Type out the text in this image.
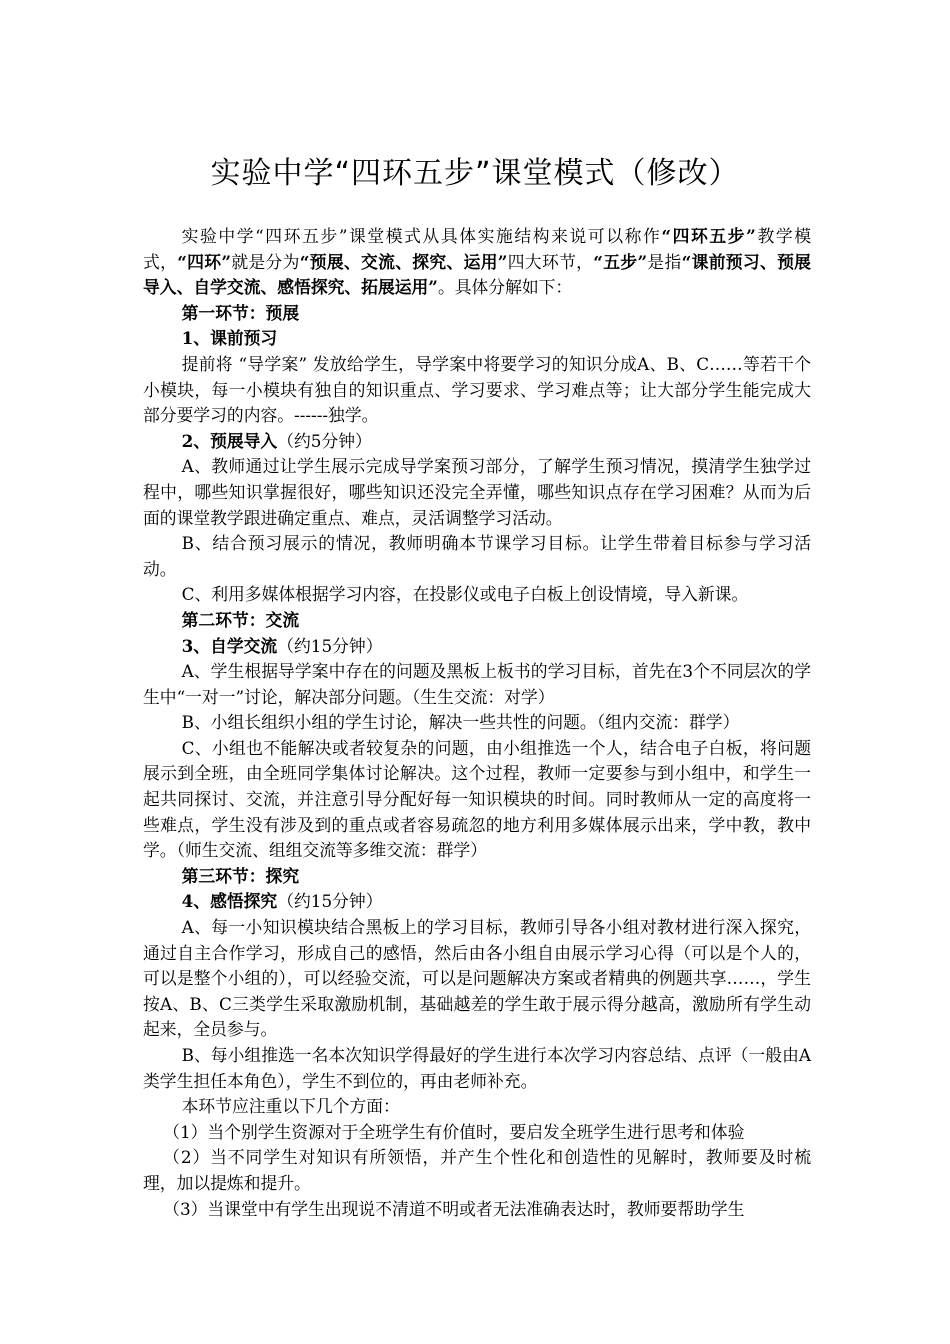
实验中学“四环五步”课堂模式（修改）

实验中学“四环五步”课堂模式从具体实施结构来说可以称作“四环五步”教学模式，“四环”就是分为“预展、交流、探究、运用”四大环节，“五步”是指“课前预习、预展导入、自学交流、感悟探究、拓展运用”。具体分解如下：

第一环节：预展

1、课前预习

提前将 “导学案” 发放给学生，导学案中将要学习的知识分成A、B、C……等若干个小模块，每一小模块有独自的知识重点、学习要求、学习难点等；让大部分学生能完成大部分要学习的内容。------独学。

2、预展导入（约5分钟）

A、教师通过让学生展示完成导学案预习部分，了解学生预习情况，摸清学生独学过程中，哪些知识掌握很好，哪些知识还没完全弄懂，哪些知识点存在学习困难？从而为后面的课堂教学跟进确定重点、难点，灵活调整学习活动。

B、结合预习展示的情况，教师明确本节课学习目标。让学生带着目标参与学习活动。

C、利用多媒体根据学习内容，在投影仪或电子白板上创设情境，导入新课。

第二环节：交流

3、自学交流（约15分钟）

A、学生根据导学案中存在的问题及黑板上板书的学习目标，首先在3个不同层次的学生中“一对一”讨论，解决部分问题。（生生交流：对学）

B、小组长组织小组的学生讨论，解决一些共性的问题。（组内交流：群学）

C、小组也不能解决或者较复杂的问题，由小组推选一个人，结合电子白板，将问题展示到全班，由全班同学集体讨论解决。这个过程，教师一定要参与到小组中，和学生一起共同探讨、交流，并注意引导分配好每一知识模块的时间。同时教师从一定的高度将一些难点，学生没有涉及到的重点或者容易疏忽的地方利用多媒体展示出来，学中教，教中学。（师生交流、组组交流等多维交流：群学）

第三环节：探究

4、感悟探究（约15分钟）

A、每一小知识模块结合黑板上的学习目标，教师引导各小组对教材进行深入探究，通过自主合作学习，形成自己的感悟，然后由各小组自由展示学习心得（可以是个人的，可以是整个小组的），可以经验交流，可以是问题解决方案或者精典的例题共享……，学生按A、B、C三类学生采取激励机制，基础越差的学生敢于展示得分越高，激励所有学生动起来，全员参与。

B、每小组推选一名本次知识学得最好的学生进行本次学习内容总结、点评（一般由A类学生担任本角色），学生不到位的，再由老师补充。

本环节应注重以下几个方面：

（1）当个别学生资源对于全班学生有价值时，要启发全班学生进行思考和体验

（2）当不同学生对知识有所领悟，并产生个性化和创造性的见解时，教师要及时梳理，加以提炼和提升。

（3）当课堂中有学生出现说不清道不明或者无法准确表达时，教师要帮助学生
